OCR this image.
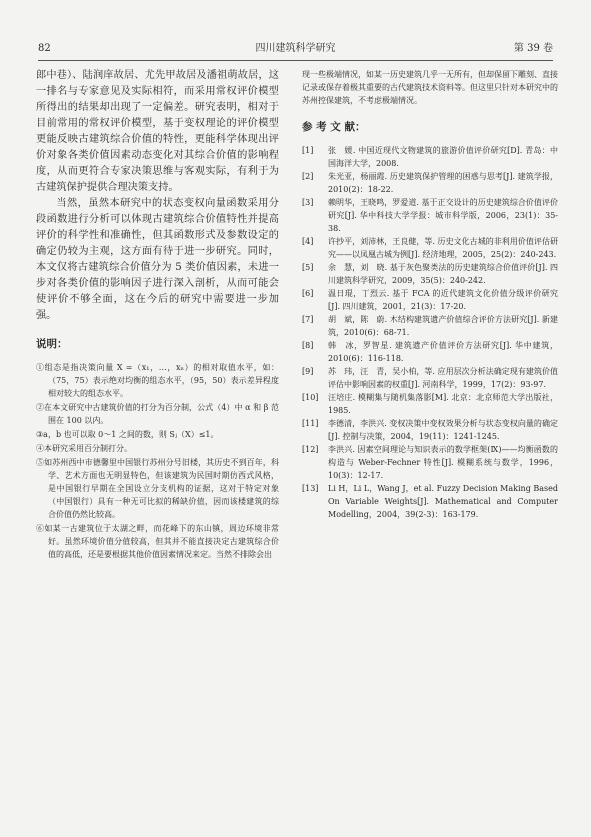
82	四川建筑科学研究	第 39 卷

郎中巷）、陆润庠故居、尤先甲故居及潘祖萌故居，这一排名与专家意见及实际相符，而采用常权评价模型所得出的结果却出现了一定偏差。研究表明，相对于目前常用的常权评价模型，基于变权理论的评价模型更能反映古建筑综合价值的特性，更能科学体现出评价对象各类价值因素动态变化对其综合价值的影响程度，从而更符合专家决策思维与客观实际，有利于为古建筑保护提供合理决策支持。

当然，虽然本研究中的状态变权向量函数采用分段函数进行分析可以体现古建筑综合价值特性并提高评价的科学性和准确性，但其函数形式及参数设定的确定仍较为主观，这方面有待于进一步研究。同时，本文仅将古建筑综合价值分为 5 类价值因素，未进一步对各类价值的影响因子进行深入剖析，从而可能会使评价不够全面，这在今后的研究中需要进一步加强。

说明：

①组态是指决策向量 X =（x₁，…，xₙ）的相对取值水平，如：（75，75）表示绝对均衡的组态水平，（95，50）表示差异程度相对较大的组态水平。

②在本文研究中古建筑价值的打分为百分制，公式（4）中 α 和 β 范围在 100 以内。

③a，b 也可以取 0～1 之间的数，则 Sⱼ（X）≤1。

④本研究采用百分制打分。

⑤如苏州西中市德馨里中国银行苏州分号旧楼，其历史不到百年，科学、艺术方面也无明显特色，但该建筑为民国时期仿西式风格，是中国银行早期在全国设立分支机构的证据，这对于特定对象（中国银行）具有一种无可比拟的稀缺价值，因而该楼建筑的综合价值仍然比较高。

⑥如某一古建筑位于太湖之畔，而花峰下的东山镇，周边环境非常好。虽然环境价值分值较高，但其并不能直接决定古建筑综合价值的高低，还是要根据其他价值因素情况来定。当然不排除会出

现一些极端情况，如某一历史建筑几乎一无所有，但却保留下雕刻、直接记录或保存着极其重要的古代建筑技术资料等。但这里只针对本研究中的苏州控保建筑，不考虑极端情况。

参 考 文 献：
[1]	张　媛. 中国近现代文物建筑的旅游价值评价研究[D]. 青岛：中国海洋大学，2008.
[2]	朱光亚，杨丽霞. 历史建筑保护管理的困惑与思考[J]. 建筑学报，2010(2)：18-22.
[3]	赖明华，王晓鸣，罗爱道. 基于正交设计的历史建筑综合价值评价研究[J]. 华中科技大学学报：城市科学版，2006，23(1)：35-38.
[4]	许抄平，刘沛林，王良健，等. 历史文化古城的非利用价值评估研究——以凤凰古城为例[J]. 经济地理，2005，25(2)：240-243.
[5]	余　慧，刘　晓. 基于灰色聚类法的历史建筑综合价值评价[J]. 四川建筑科学研究，2009，35(5)：240-242.
[6]	温日琨，丁烈云. 基于 FCA 的近代建筑文化价值分级评价研究[J]. 四川建筑，2001，21(3)：17-20.
[7]	胡　斌，陈　蔚. 木结构建筑遗产价值综合评价方法研究[J]. 新建筑，2010(6)：68-71.
[8]	韩　冰，罗智星. 建筑遗产价值评价方法研究[J]. 华中建筑，2010(6)：116-118.
[9]	苏　玮，汪　青，吴小柏，等. 应用层次分析法确定现有建筑价值评估中影响因素的权重[J]. 河南科学，1999，17(2)：93-97.
[10]	汪培庄. 模糊集与随机集落影[M]. 北京：北京师范大学出版社，1985.
[11]	李德清，李洪兴. 变权决策中变权效果分析与状态变权向量的确定[J]. 控制与决策，2004，19(11)：1241-1245.
[12]	李洪兴. 因素空间理论与知识表示的数学框架(Ⅸ)——均衡函数的构造与 Weber-Fechner 特性[J]. 模糊系统与数学，1996，10(3)：12-17.
[13]	Li H，Li L，Wang J，et al. Fuzzy Decision Making Based On Variable Weights[J]. Mathematical and Computer Modelling，2004，39(2-3)：163-179.
